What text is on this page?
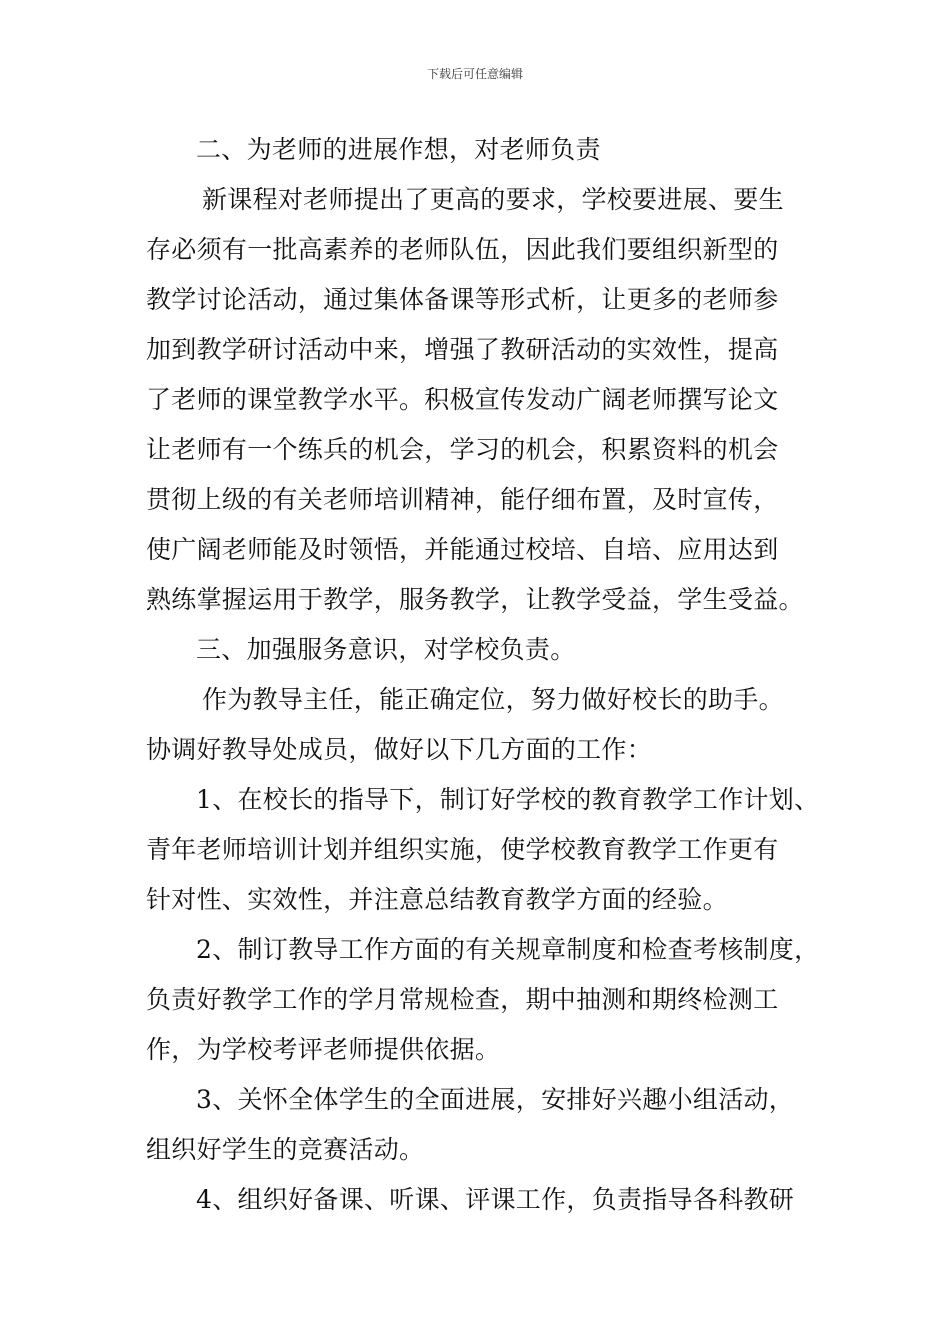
下载后可任意编辑
二、为老师的进展作想，对老师负责
新课程对老师提出了更高的要求，学校要进展、要生
存必须有一批高素养的老师队伍，因此我们要组织新型的
教学讨论活动，通过集体备课等形式析，让更多的老师参
加到教学研讨活动中来，增强了教研活动的实效性，提高
了老师的课堂教学水平。积极宣传发动广阔老师撰写论文
让老师有一个练兵的机会，学习的机会，积累资料的机会
贯彻上级的有关老师培训精神，能仔细布置，及时宣传，
使广阔老师能及时领悟，并能通过校培、自培、应用达到
熟练掌握运用于教学，服务教学，让教学受益，学生受益。
三、加强服务意识，对学校负责。
作为教导主任，能正确定位，努力做好校长的助手。
协调好教导处成员，做好以下几方面的工作：
1、在校长的指导下，制订好学校的教育教学工作计划、
青年老师培训计划并组织实施，使学校教育教学工作更有
针对性、实效性，并注意总结教育教学方面的经验。
2、制订教导工作方面的有关规章制度和检查考核制度，
负责好教学工作的学月常规检查，期中抽测和期终检测工
作，为学校考评老师提供依据。
3、关怀全体学生的全面进展，安排好兴趣小组活动，
组织好学生的竞赛活动。
4、组织好备课、听课、评课工作，负责指导各科教研
